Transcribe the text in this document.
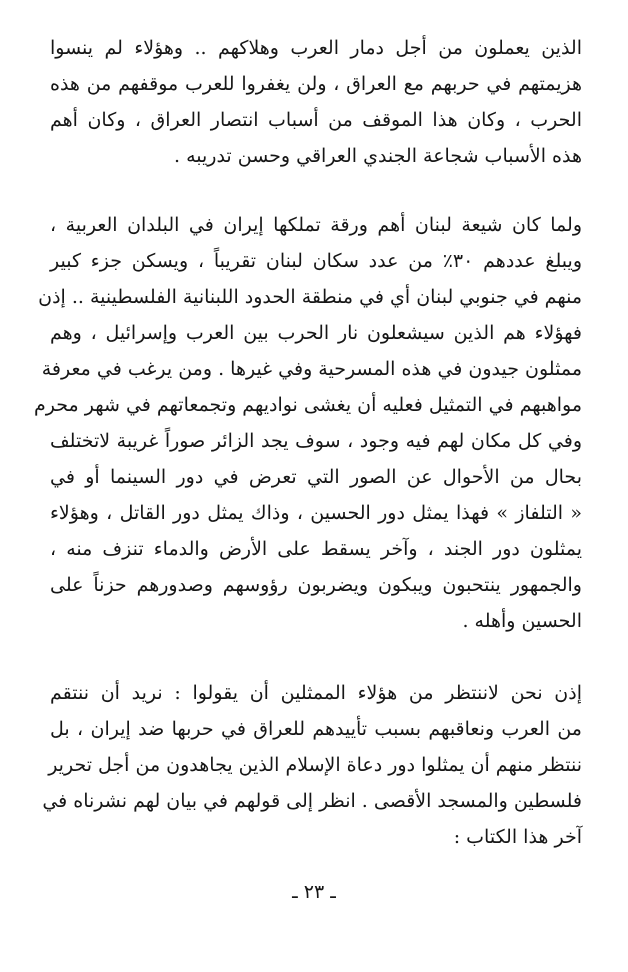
الذين يعملون من أجل دمار العرب وهلاكهم .. وهؤلاء لم ينسوا
هزيمتهم في حربهم مع العراق ، ولن يغفروا للعرب موقفهم من هذه
الحرب ، وكان هذا الموقف من أسباب انتصار العراق ، وكان أهم
هذه الأسباب شجاعة الجندي العراقي وحسن تدريبه .
ولما كان شيعة لبنان أهم ورقة تملكها إيران في البلدان العربية ،
ويبلغ عددهم ٣٠٪ من عدد سكان لبنان تقريباً ، ويسكن جزء كبير
منهم في جنوبي لبنان أي في منطقة الحدود اللبنانية الفلسطينية .. إذن
فهؤلاء هم الذين سيشعلون نار الحرب بين العرب وإسرائيل ، وهم
ممثلون جيدون في هذه المسرحية وفي غيرها . ومن يرغب في معرفة
مواهبهم في التمثيل فعليه أن يغشى نواديهم وتجمعاتهم في شهر محرم
وفي كل مكان لهم فيه وجود ، سوف يجد الزائر صوراً غريبة لاتختلف
بحال من الأحوال عن الصور التي تعرض في دور السينما أو في
« التلفاز » فهذا يمثل دور الحسين ، وذاك يمثل دور القاتل ، وهؤلاء
يمثلون دور الجند ، وآخر يسقط على الأرض والدماء تنزف منه ،
والجمهور ينتحبون ويبكون ويضربون رؤوسهم وصدورهم حزناً على
الحسين وأهله .
إذن نحن لاننتظر من هؤلاء الممثلين أن يقولوا : نريد أن ننتقم
من العرب ونعاقبهم بسبب تأييدهم للعراق في حربها ضد إيران ، بل
ننتظر منهم أن يمثلوا دور دعاة الإسلام الذين يجاهدون من أجل تحرير
فلسطين والمسجد الأقصى . انظر إلى قولهم في بيان لهم نشرناه في
آخر هذا الكتاب :
ـ ٢٣ ـ
